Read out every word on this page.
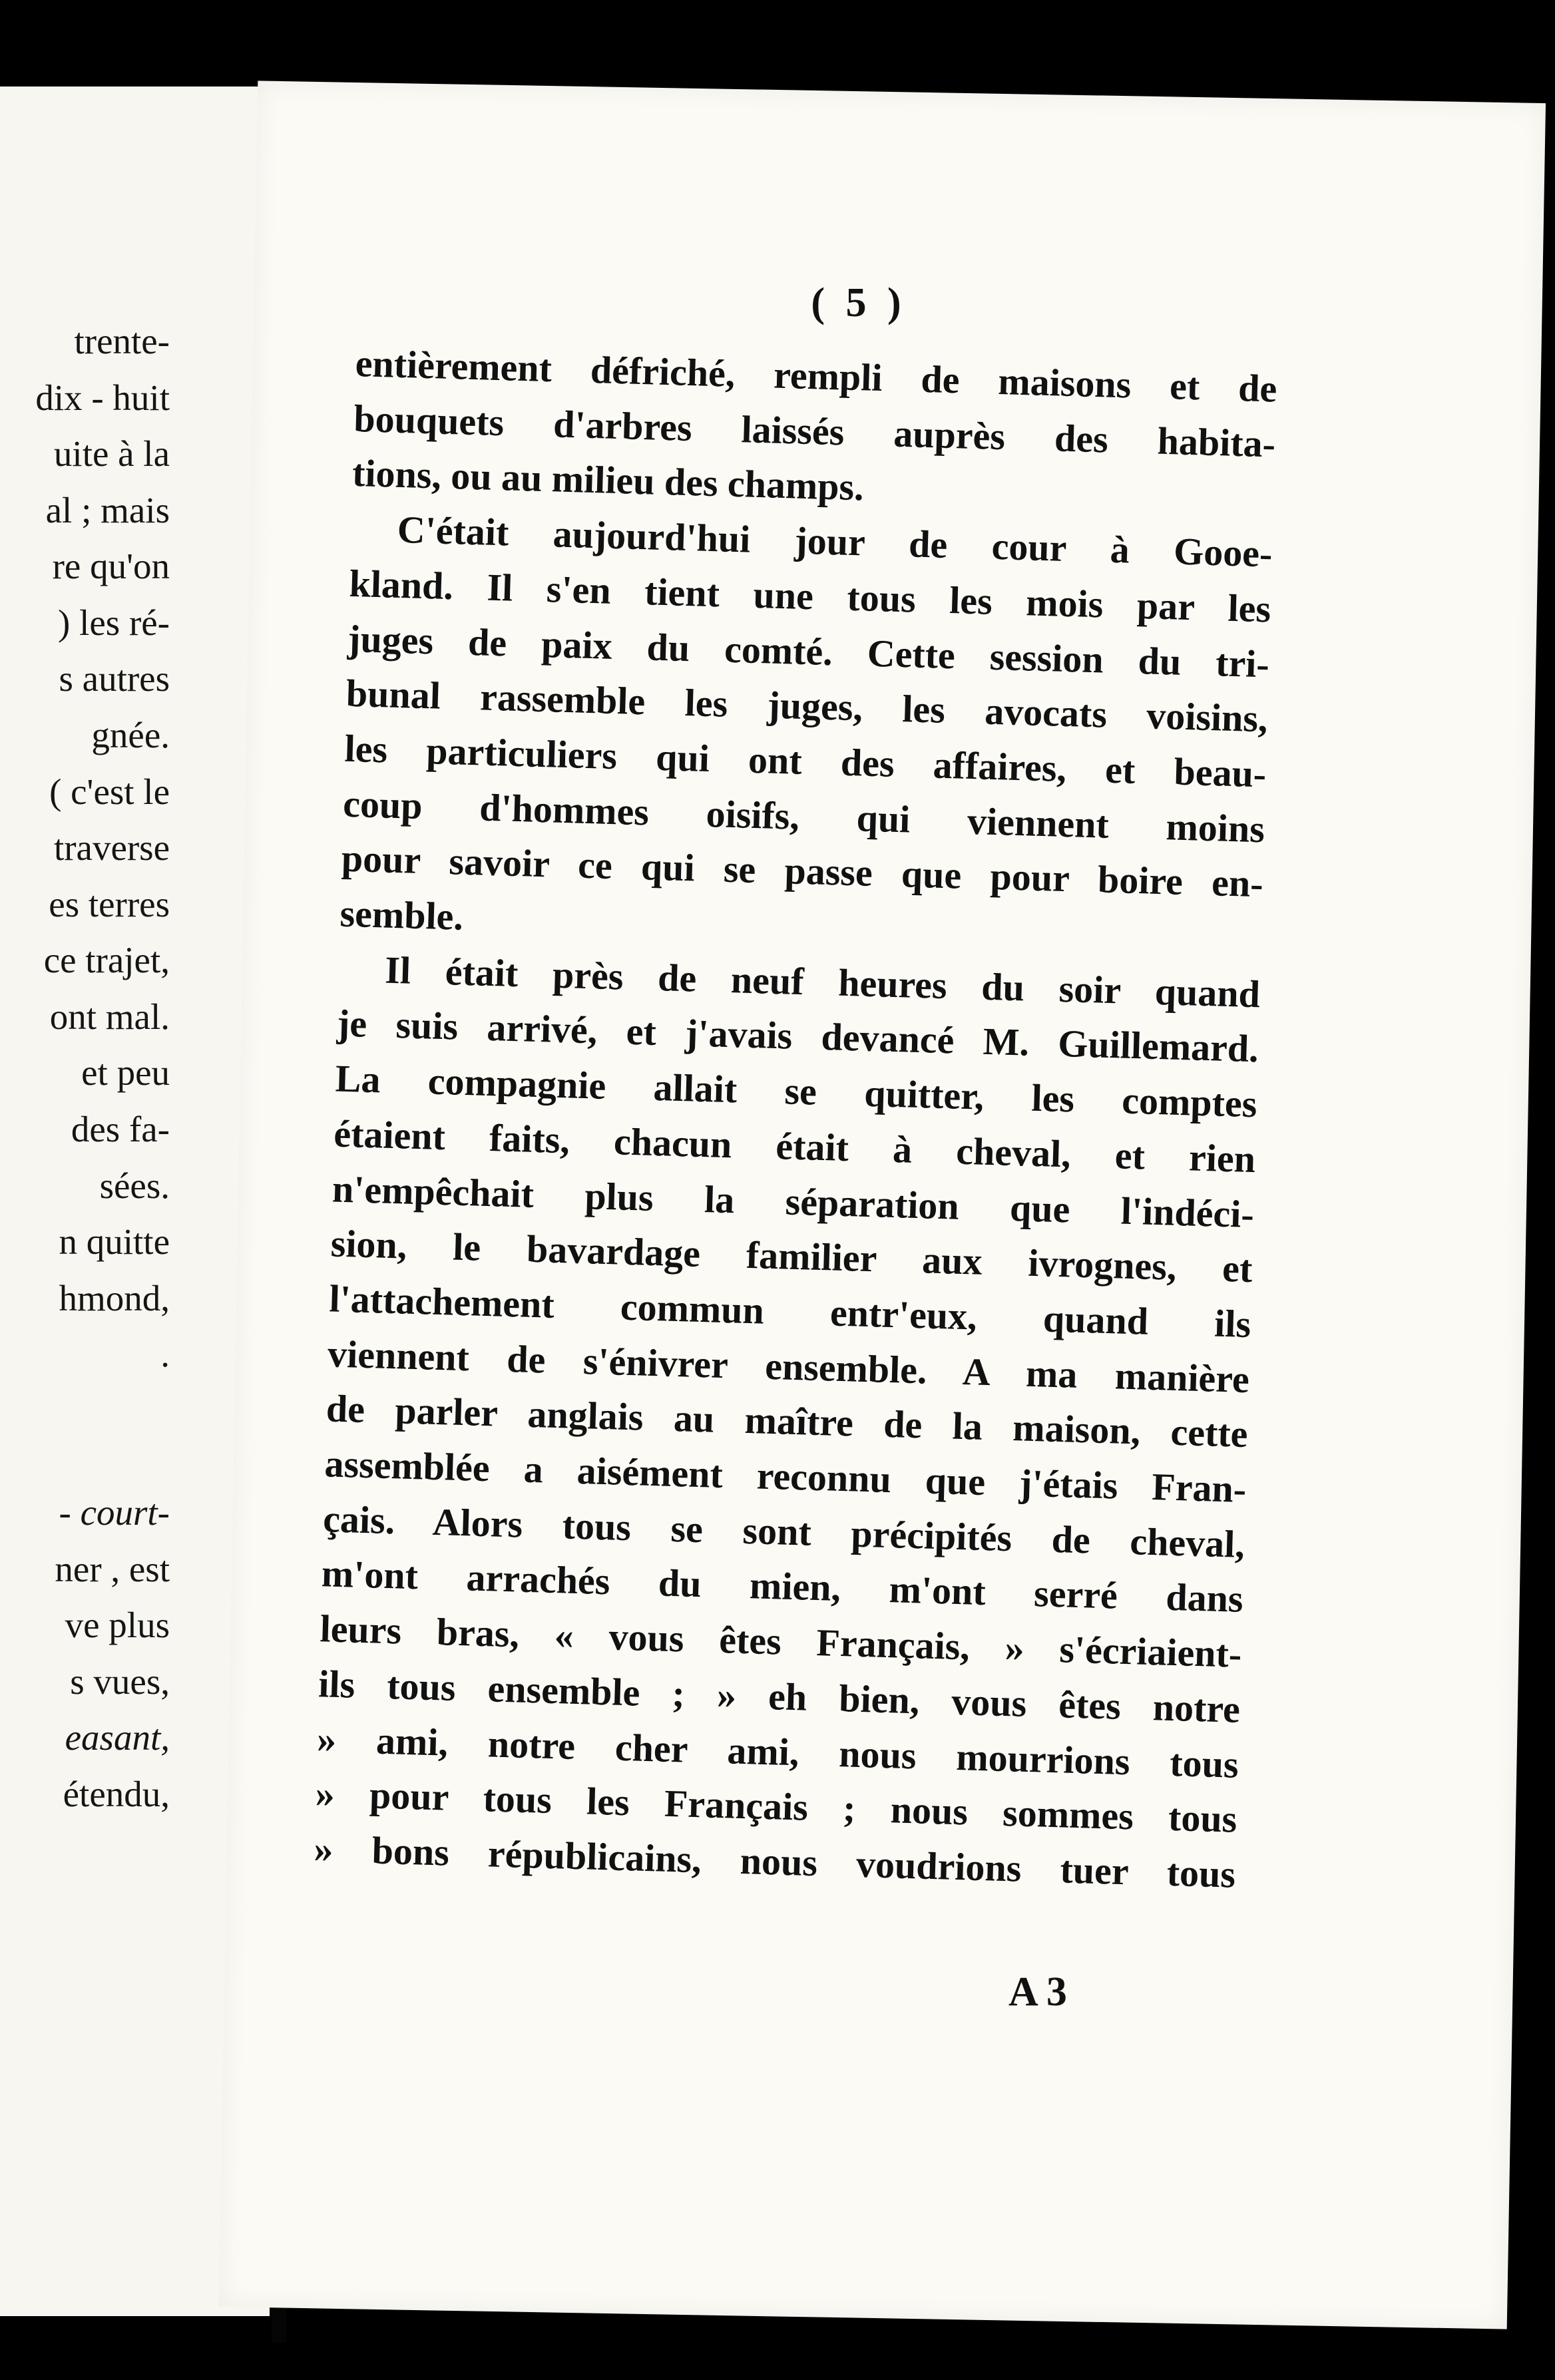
trente-
dix - huit
uite à la
al ; mais
re qu'on
) les ré-
s autres
gnée.
( c'est le
traverse
es terres
ce trajet,
ont mal.
et peu
des fa-
sées.
n quitte
hmond,
.
- court-
ner , est
ve plus
s vues,
easant,
étendu,
( 5 )
entièrement défriché, rempli de maisons et de
bouquets d'arbres laissés auprès des habita-
tions, ou au milieu des champs.
C'était aujourd'hui jour de cour à Gooe-
kland. Il s'en tient une tous les mois par les
juges de paix du comté. Cette session du tri-
bunal rassemble les juges, les avocats voisins,
les particuliers qui ont des affaires, et beau-
coup d'hommes oisifs, qui viennent moins
pour savoir ce qui se passe que pour boire en-
semble.
Il était près de neuf heures du soir quand
je suis arrivé, et j'avais devancé M. Guillemard.
La compagnie allait se quitter, les comptes
étaient faits, chacun était à cheval, et rien
n'empêchait plus la séparation que l'indéci-
sion, le bavardage familier aux ivrognes, et
l'attachement commun entr'eux, quand ils
viennent de s'énivrer ensemble. A ma manière
de parler anglais au maître de la maison, cette
assemblée a aisément reconnu que j'étais Fran-
çais. Alors tous se sont précipités de cheval,
m'ont arrachés du mien, m'ont serré dans
leurs bras, « vous êtes Français, » s'écriaient-
ils tous ensemble ; » eh bien, vous êtes notre
» ami, notre cher ami, nous mourrions tous
» pour tous les Français ; nous sommes tous
» bons républicains, nous voudrions tuer tous
A 3
